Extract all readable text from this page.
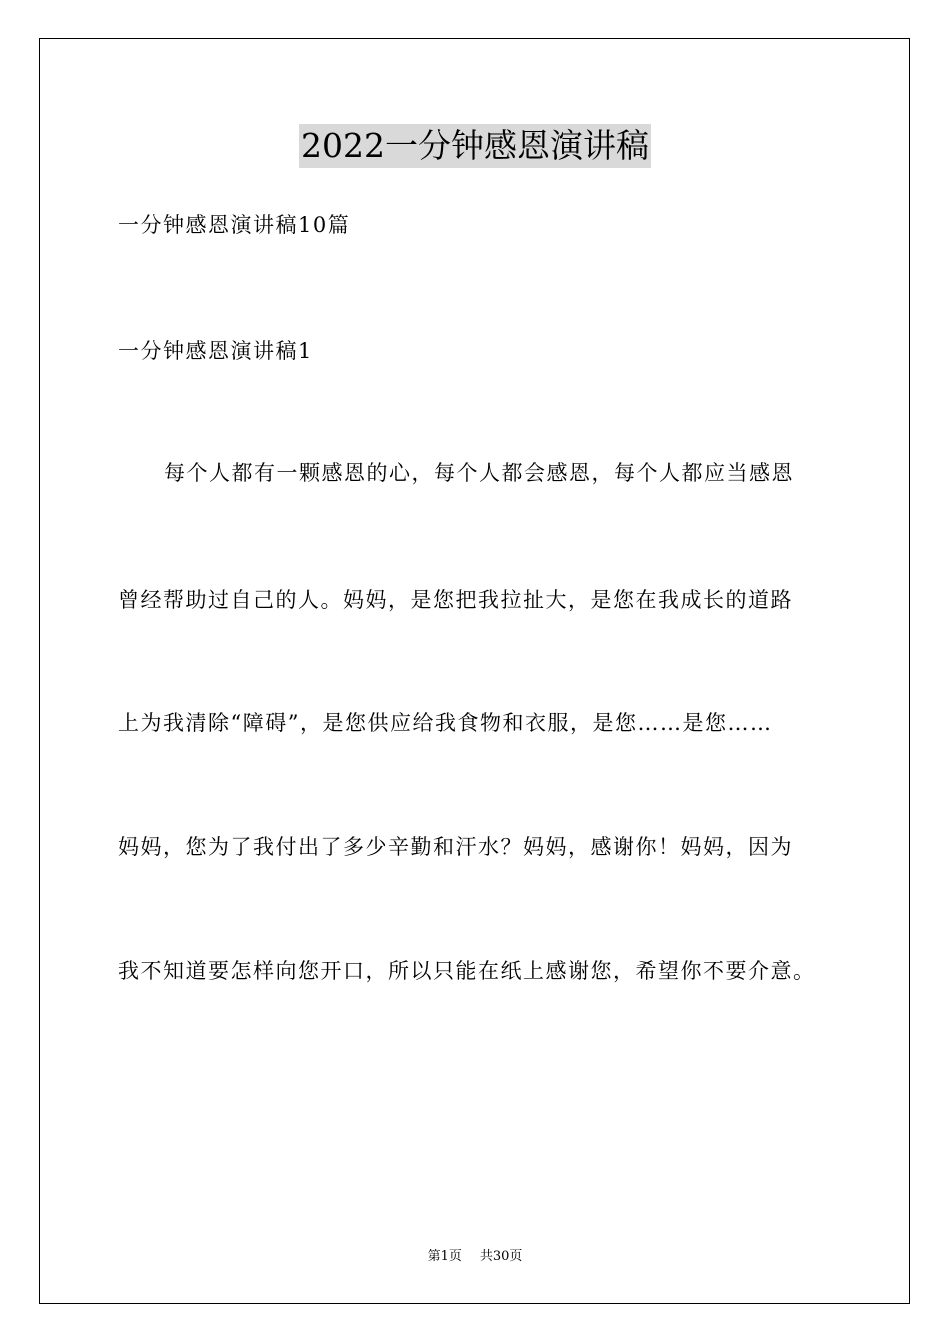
2022一分钟感恩演讲稿
一分钟感恩演讲稿10篇
一分钟感恩演讲稿1
每个人都有一颗感恩的心，每个人都会感恩，每个人都应当感恩
曾经帮助过自己的人。妈妈，是您把我拉扯大，是您在我成长的道路
上为我清除“障碍”，是您供应给我食物和衣服，是您……是您……
妈妈，您为了我付出了多少辛勤和汗水？妈妈，感谢你！妈妈，因为
我不知道要怎样向您开口，所以只能在纸上感谢您，希望你不要介意。
第1页 共30页
